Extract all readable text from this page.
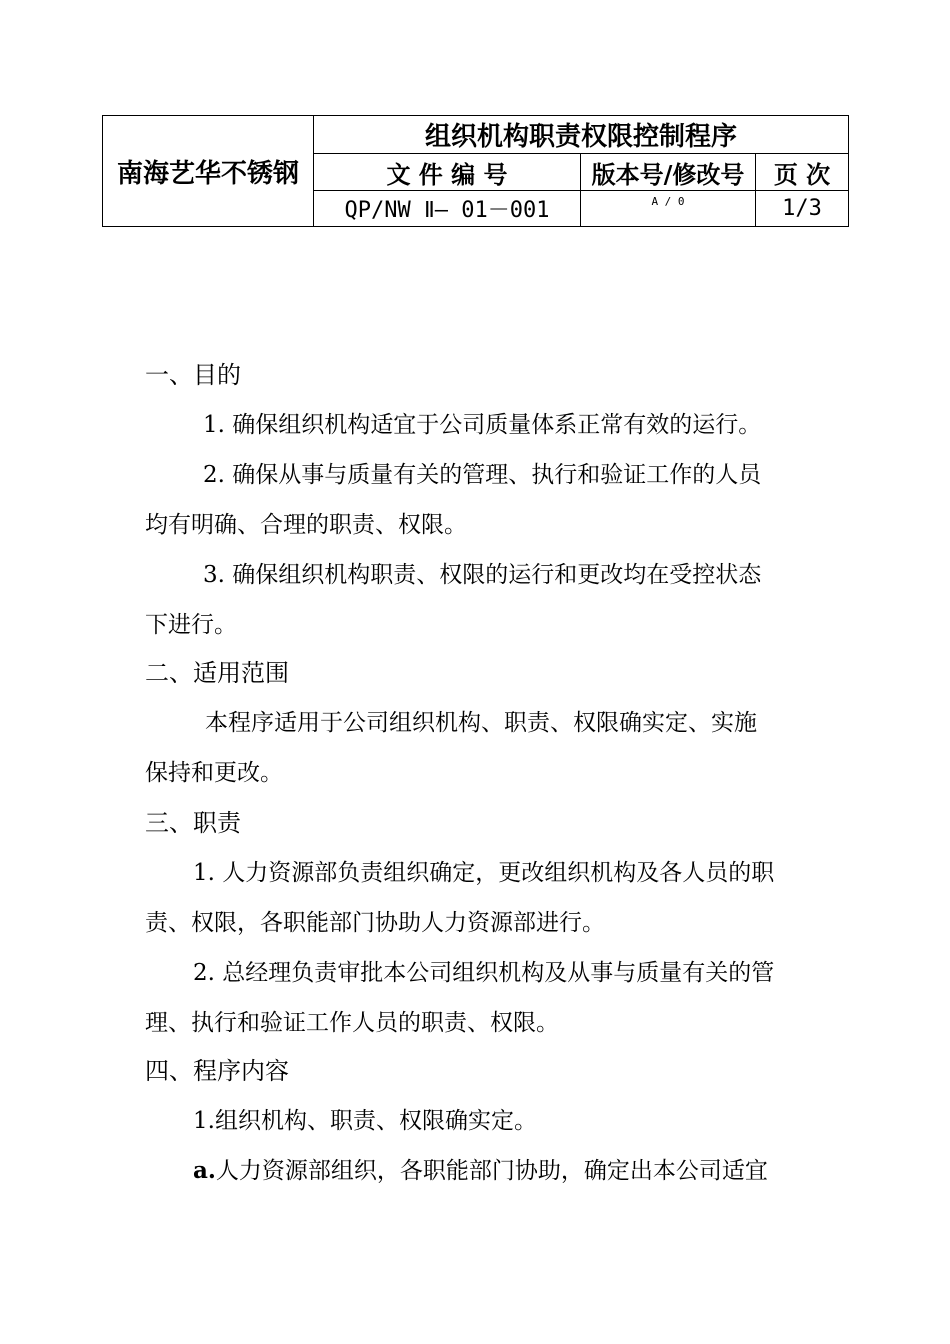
南海艺华不锈钢	组织机构职责权限控制程序		
	文 件 编 号	版本号/修改号	页 次
	QP/NW Ⅱ— 01－001	A / 0	1/3
一、目的
1. 确保组织机构适宜于公司质量体系正常有效的运行。
2. 确保从事与质量有关的管理、执行和验证工作的人员
均有明确、合理的职责、权限。
3. 确保组织机构职责、权限的运行和更改均在受控状态
下进行。
二、适用范围
本程序适用于公司组织机构、职责、权限确实定、实施
保持和更改。
三、职责
1. 人力资源部负责组织确定，更改组织机构及各人员的职
责、权限，各职能部门协助人力资源部进行。
2. 总经理负责审批本公司组织机构及从事与质量有关的管
理、执行和验证工作人员的职责、权限。
四、程序内容
1.组织机构、职责、权限确实定。
a.人力资源部组织，各职能部门协助，确定出本公司适宜
